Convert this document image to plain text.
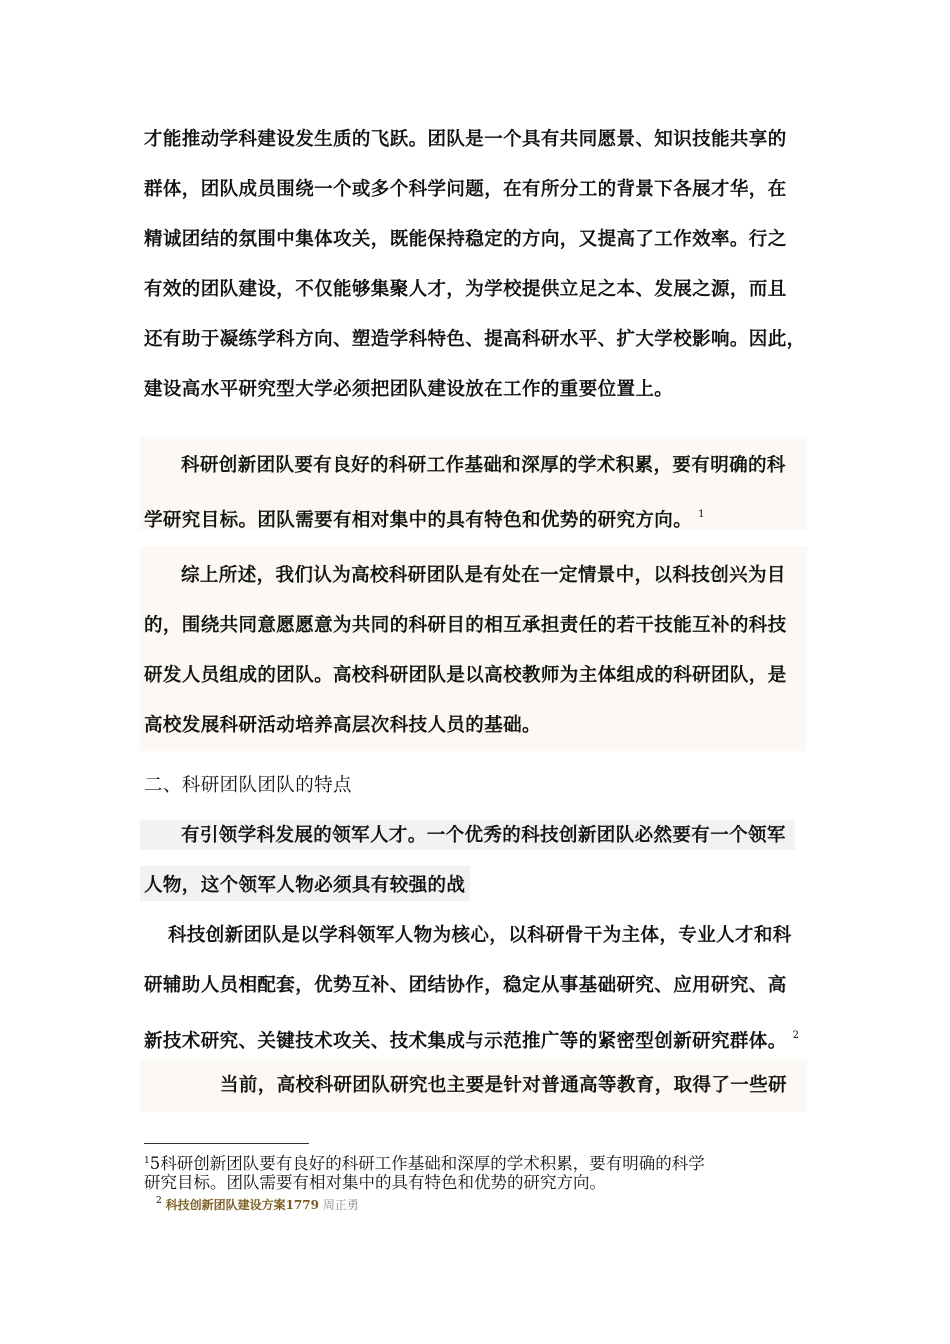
才能推动学科建设发生质的飞跃。团队是一个具有共同愿景、知识技能共享的
群体，团队成员围绕一个或多个科学问题，在有所分工的背景下各展才华，在
精诚团结的氛围中集体攻关，既能保持稳定的方向，又提高了工作效率。行之
有效的团队建设，不仅能够集聚人才，为学校提供立足之本、发展之源，而且
还有助于凝练学科方向、塑造学科特色、提高科研水平、扩大学校影响。因此，
建设高水平研究型大学必须把团队建设放在工作的重要位置上。
科研创新团队要有良好的科研工作基础和深厚的学术积累，要有明确的科
学研究目标。团队需要有相对集中的具有特色和优势的研究方向。 $^1$
综上所述，我们认为高校科研团队是有处在一定情景中，以科技创兴为目
的，围绕共同意愿愿意为共同的科研目的相互承担责任的若干技能互补的科技
研发人员组成的团队。高校科研团队是以高校教师为主体组成的科研团队，是
高校发展科研活动培养高层次科技人员的基础。
二、科研团队团队的特点
有引领学科发展的领军人才。一个优秀的科技创新团队必然要有一个领军
人物，这个领军人物必须具有较强的战
科技创新团队是以学科领军人物为核心，以科研骨干为主体，专业人才和科
研辅助人员相配套，优势互补、团结协作，稳定从事基础研究、应用研究、高
新技术研究、关键技术攻关、技术集成与示范推广等的紧密型创新研究群体。 $^2$
当前，高校科研团队研究也主要是针对普通高等教育，取得了一些研
$^1$5科研创新团队要有良好的科研工作基础和深厚的学术积累，要有明确的科学
研究目标。团队需要有相对集中的具有特色和优势的研究方向。
$^2$ 科技创新团队建设方案1779 周正勇
